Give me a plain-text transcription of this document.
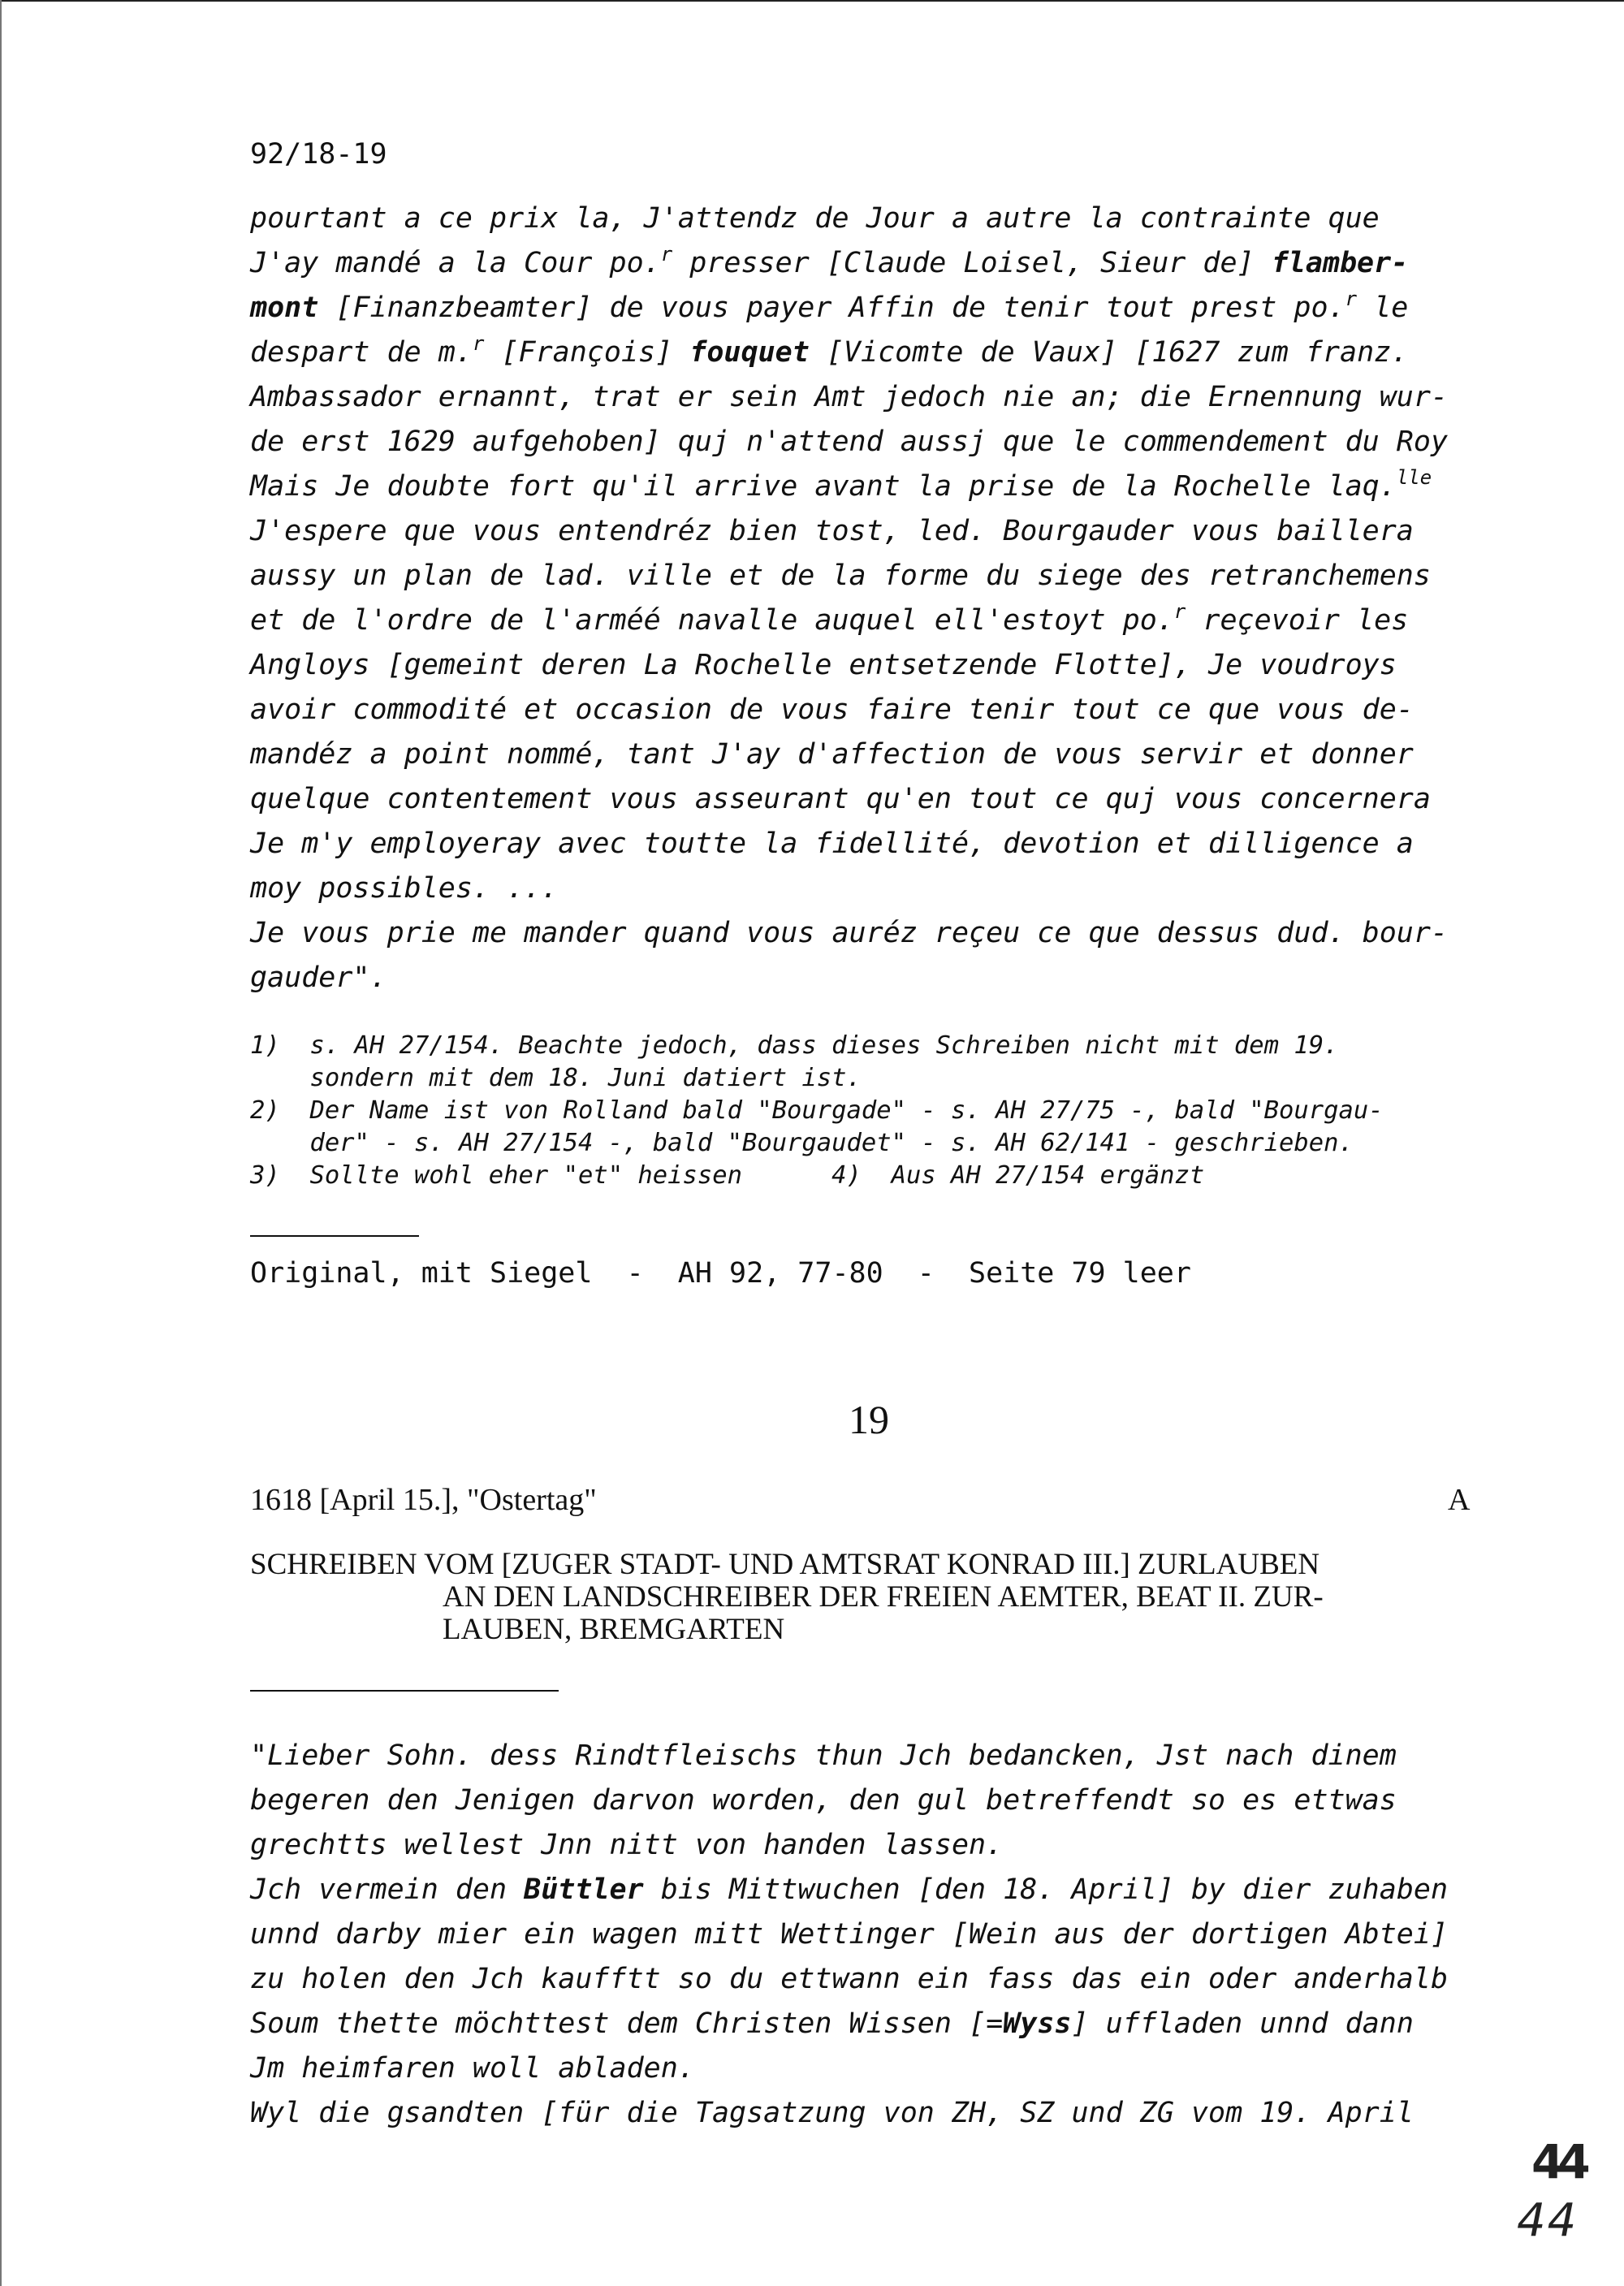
92/18-19
pourtant a ce prix la, J'attendz de Jour a autre la contrainte que
J'ay mandé a la Cour po.$^r$ presser [Claude Loisel, Sieur de] flamber-
mont [Finanzbeamter] de vous payer Affin de tenir tout prest po.$^r$ le
despart de m.$^r$ [François] fouquet [Vicomte de Vaux] [1627 zum franz.
Ambassador ernannt, trat er sein Amt jedoch nie an; die Ernennung wur-
de erst 1629 aufgehoben] quj n'attend aussj que le commendement du Roy
Mais Je doubte fort qu'il arrive avant la prise de la Rochelle laq.$^{lle}$
J'espere que vous entendréz bien tost, led. Bourgauder vous baillera
aussy un plan de lad. ville et de la forme du siege des retranchemens
et de l'ordre de l'arméé navalle auquel ell'estoyt po.$^r$ reçevoir les
Angloys [gemeint deren La Rochelle entsetzende Flotte], Je voudroys
avoir commodité et occasion de vous faire tenir tout ce que vous de-
mandéz a point nommé, tant J'ay d'affection de vous servir et donner
quelque contentement vous asseurant qu'en tout ce quj vous concernera
Je m'y employeray avec toutte la fidellité, devotion et dilligence a
moy possibles. ...
Je vous prie me mander quand vous auréz reçeu ce que dessus dud. bour-
gauder".
1)  s. AH 27/154. Beachte jedoch, dass dieses Schreiben nicht mit dem 19.
sondern mit dem 18. Juni datiert ist.
2)  Der Name ist von Rolland bald "Bourgade" - s. AH 27/75 -, bald "Bourgau-
der" - s. AH 27/154 -, bald "Bourgaudet" - s. AH 62/141 - geschrieben.
3)  Sollte wohl eher "et" heissen      4)  Aus AH 27/154 ergänzt
Original, mit Siegel  -  AH 92, 77-80  -  Seite 79 leer
19
1618 [April 15.], "Ostertag"	A
SCHREIBEN VOM [ZUGER STADT- UND AMTSRAT KONRAD III.] ZURLAUBEN
AN DEN LANDSCHREIBER DER FREIEN AEMTER, BEAT II. ZUR-
LAUBEN, BREMGARTEN
"Lieber Sohn. dess Rindtfleischs thun Jch bedancken, Jst nach dinem
begeren den Jenigen darvon worden, den gul betreffendt so es ettwas
grechtts wellest Jnn nitt von handen lassen.
Jch vermein den Büttler bis Mittwuchen [den 18. April] by dier zuhaben
unnd darby mier ein wagen mitt Wettinger [Wein aus der dortigen Abtei]
zu holen den Jch kaufftt so du ettwann ein fass das ein oder anderhalb
Soum thette möchttest dem Christen Wissen [=Wyss] uffladen unnd dann
Jm heimfaren woll abladen.
Wyl die gsandten [für die Tagsatzung von ZH, SZ und ZG vom 19. April
44
44
